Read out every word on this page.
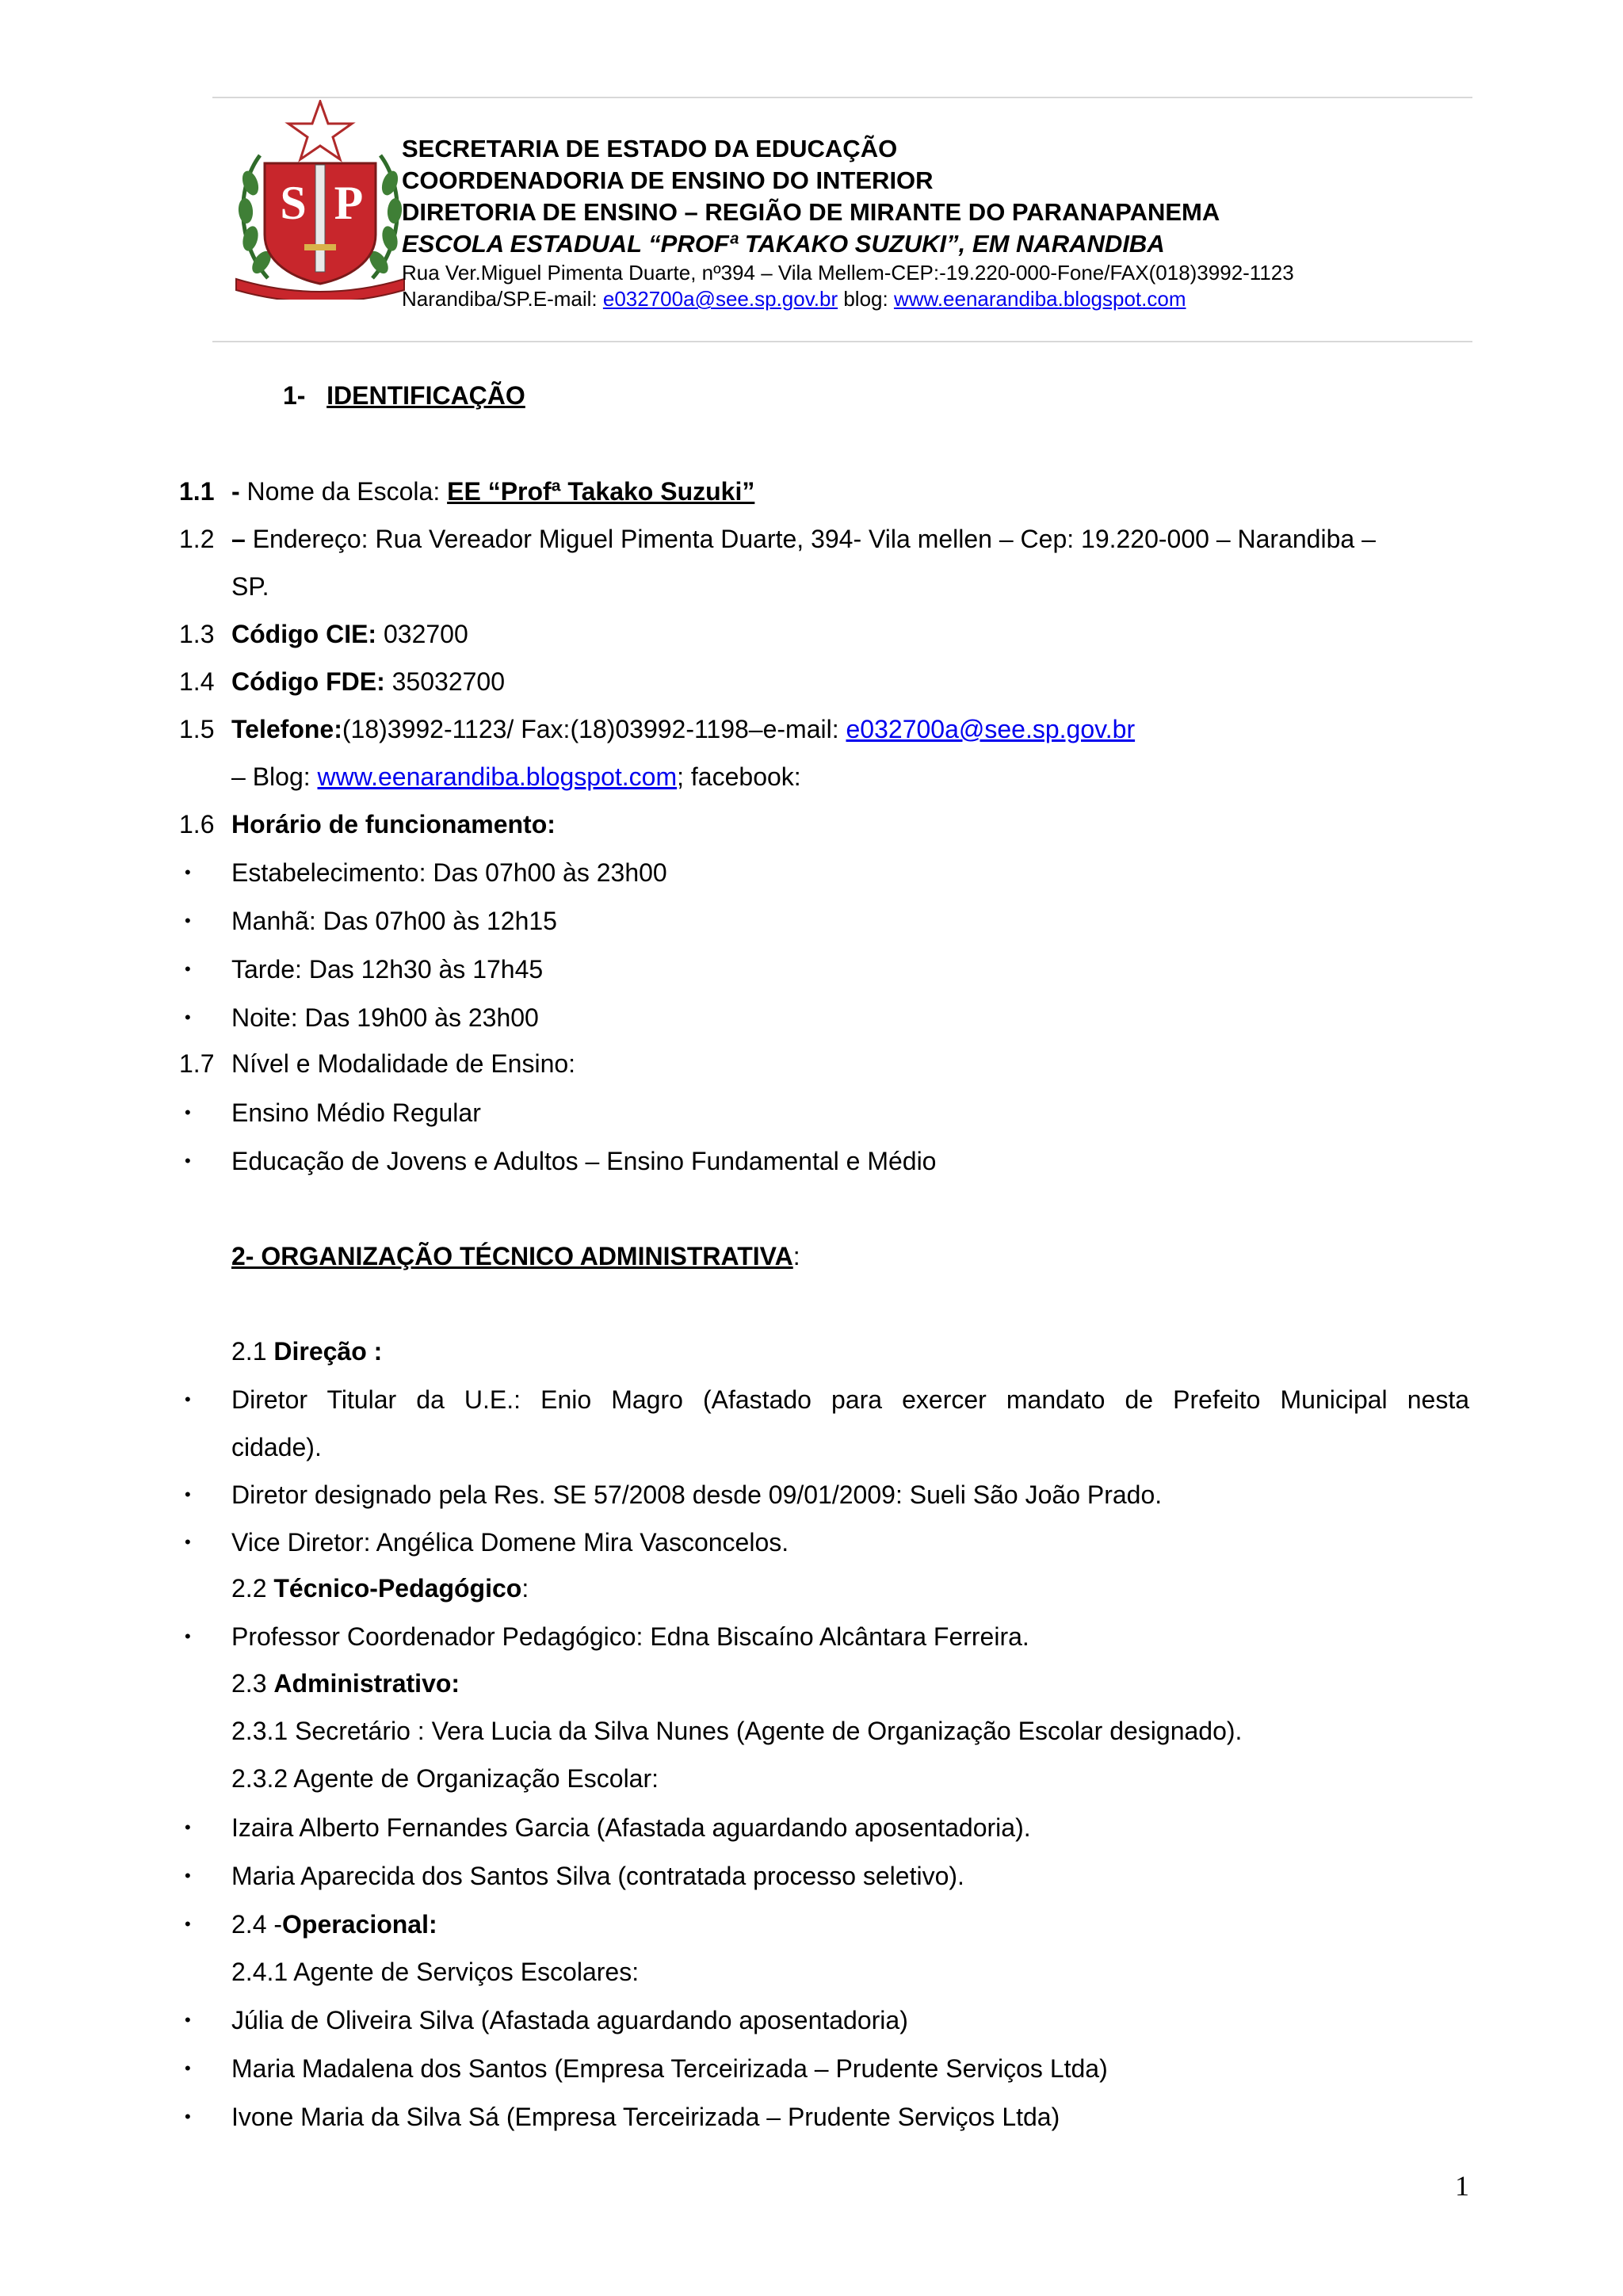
S P
SECRETARIA DE ESTADO DA EDUCAÇÃO
COORDENADORIA DE ENSINO DO INTERIOR
DIRETORIA DE ENSINO – REGIÃO DE MIRANTE DO PARANAPANEMA
ESCOLA ESTADUAL “PROFª TAKAKO SUZUKI”, EM NARANDIBA
Rua Ver.Miguel Pimenta Duarte, nº394 – Vila Mellem-CEP:-19.220-000-Fone/FAX(018)3992-1123
Narandiba/SP.E-mail: e032700a@see.sp.gov.br blog: www.eenarandiba.blogspot.com
1- IDENTIFICAÇÃO
1.1 - Nome da Escola: EE “Profª Takako Suzuki”
1.2 – Endereço: Rua Vereador Miguel Pimenta Duarte, 394- Vila mellen – Cep: 19.220-000 – Narandiba –
SP.
1.3 Código CIE: 032700
1.4 Código FDE: 35032700
1.5 Telefone:(18)3992-1123/ Fax:(18)03992-1198–e-mail: e032700a@see.sp.gov.br
– Blog: www.eenarandiba.blogspot.com; facebook:
1.6 Horário de funcionamento:
• Estabelecimento: Das 07h00 às 23h00
• Manhã: Das 07h00 às 12h15
• Tarde: Das 12h30 às 17h45
• Noite: Das 19h00 às 23h00
1.7 Nível e Modalidade de Ensino:
• Ensino Médio Regular
• Educação de Jovens e Adultos – Ensino Fundamental e Médio
2- ORGANIZAÇÃO TÉCNICO ADMINISTRATIVA:
2.1 Direção :
• Diretor Titular da U.E.: Enio Magro (Afastado para exercer mandato de Prefeito Municipal nesta
cidade).
• Diretor designado pela Res. SE 57/2008 desde 09/01/2009: Sueli São João Prado.
• Vice Diretor: Angélica Domene Mira Vasconcelos.
2.2 Técnico-Pedagógico:
• Professor Coordenador Pedagógico: Edna Biscaíno Alcântara Ferreira.
2.3 Administrativo:
2.3.1 Secretário : Vera Lucia da Silva Nunes (Agente de Organização Escolar designado).
2.3.2 Agente de Organização Escolar:
• Izaira Alberto Fernandes Garcia (Afastada aguardando aposentadoria).
• Maria Aparecida dos Santos Silva (contratada processo seletivo).
• 2.4 -Operacional:
2.4.1 Agente de Serviços Escolares:
• Júlia de Oliveira Silva (Afastada aguardando aposentadoria)
• Maria Madalena dos Santos (Empresa Terceirizada – Prudente Serviços Ltda)
• Ivone Maria da Silva Sá (Empresa Terceirizada – Prudente Serviços Ltda)
1
